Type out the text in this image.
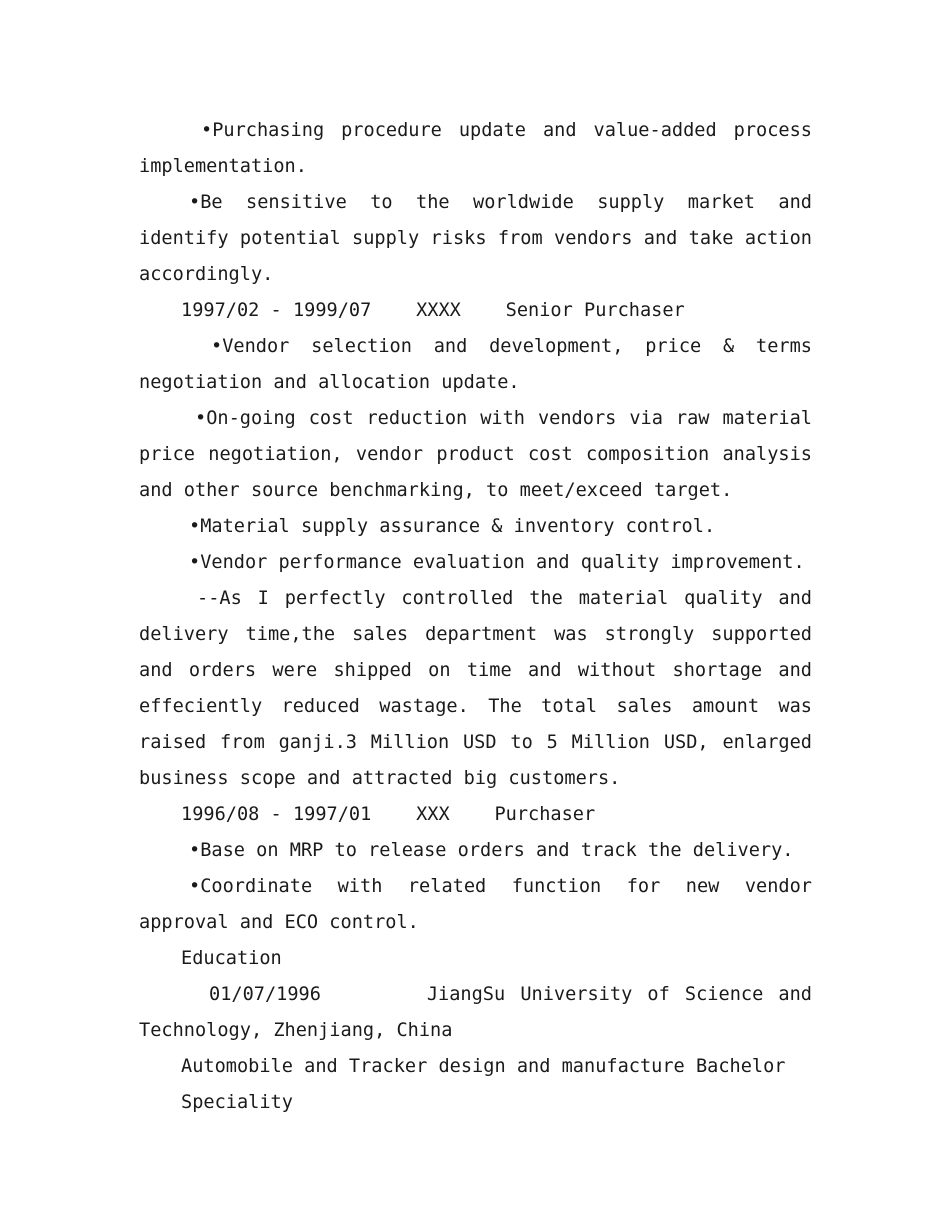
•Purchasing procedure update and value-added process implementation.

•Be sensitive to the worldwide supply market and identify potential supply risks from vendors and take action accordingly.

1997/02 - 1999/07    XXXX    Senior Purchaser

•Vendor selection and development, price & terms negotiation and allocation update.

•On-going cost reduction with vendors via raw material price negotiation, vendor product cost composition analysis and other source benchmarking, to meet/exceed target.

•Material supply assurance & inventory control.

•Vendor performance evaluation and quality improvement.

--As I perfectly controlled the material quality and delivery time,the sales department was strongly supported and orders were shipped on time and without shortage and effeciently reduced wastage. The total sales amount was raised from ganji.3 Million USD to 5 Million USD, enlarged business scope and attracted big customers.

1996/08 - 1997/01    XXX    Purchaser

•Base on MRP to release orders and track the delivery.

•Coordinate with related function for new vendor approval and ECO control.

Education

01/07/1996       JiangSu University of Science and Technology, Zhenjiang, China

Automobile and Tracker design and manufacture Bachelor

Speciality
